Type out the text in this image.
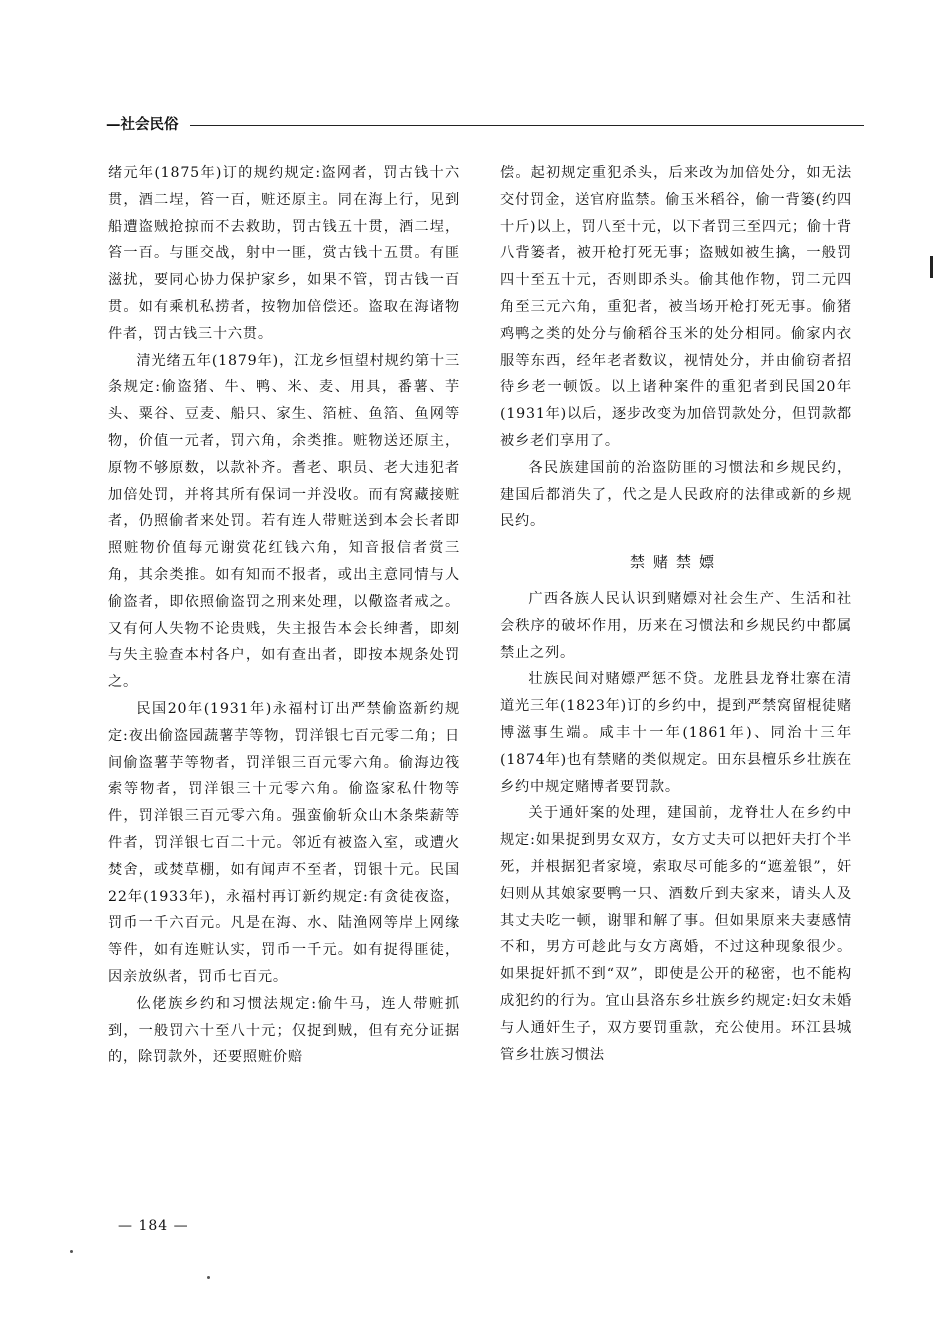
—社会民俗

绪元年(1875年)订的规约规定:盗网者，罚古钱十六贯，酒二埕，笞一百，赃还原主。同在海上行，见到船遭盗贼抢掠而不去救助，罚古钱五十贯，酒二埕，笞一百。与匪交战，射中一匪，赏古钱十五贯。有匪滋扰，要同心协力保护家乡，如果不管，罚古钱一百贯。如有乘机私捞者，按物加倍偿还。盗取在海诸物件者，罚古钱三十六贯。

清光绪五年(1879年)，江龙乡恒望村规约第十三条规定:偷盗猪、牛、鸭、米、麦、用具，番薯、芋头、粟谷、豆麦、船只、家生、箔桩、鱼箔、鱼网等物，价值一元者，罚六角，余类推。赃物送还原主，原物不够原数，以款补齐。耆老、职员、老大违犯者加倍处罚，并将其所有保词一并没收。而有窝藏接赃者，仍照偷者来处罚。若有连人带赃送到本会长者即照赃物价值每元谢赏花红钱六角，知音报信者赏三角，其余类推。如有知而不报者，或出主意同情与人偷盗者，即依照偷盗罚之刑来处理，以儆盗者戒之。又有何人失物不论贵贱，失主报告本会长绅耆，即刻与失主验查本村各户，如有查出者，即按本规条处罚之。

民国20年(1931年)永福村订出严禁偷盗新约规定:夜出偷盗园蔬薯芋等物，罚洋银七百元零二角；日间偷盗薯芋等物者，罚洋银三百元零六角。偷海边筏索等物者，罚洋银三十元零六角。偷盗家私什物等件，罚洋银三百元零六角。强蛮偷斩众山木条柴薪等件者，罚洋银七百二十元。邻近有被盗入室，或遭火焚舍，或焚草棚，如有闻声不至者，罚银十元。民国22年(1933年)，永福村再订新约规定:有贪徒夜盗，罚币一千六百元。凡是在海、水、陆渔网等岸上网缘等件，如有连赃认实，罚币一千元。如有捉得匪徒，因亲放纵者，罚币七百元。

仫佬族乡约和习惯法规定:偷牛马，连人带赃抓到，一般罚六十至八十元；仅捉到贼，但有充分证据的，除罚款外，还要照赃价赔

偿。起初规定重犯杀头，后来改为加倍处分，如无法交付罚金，送官府监禁。偷玉米稻谷，偷一背篓(约四十斤)以上，罚八至十元，以下者罚三至四元；偷十背八背篓者，被开枪打死无事；盗贼如被生擒，一般罚四十至五十元，否则即杀头。偷其他作物，罚二元四角至三元六角，重犯者，被当场开枪打死无事。偷猪鸡鸭之类的处分与偷稻谷玉米的处分相同。偷家内衣服等东西，经年老者数议，视情处分，并由偷窃者招待乡老一顿饭。以上诸种案件的重犯者到民国20年(1931年)以后，逐步改变为加倍罚款处分，但罚款都被乡老们享用了。

各民族建国前的治盗防匪的习惯法和乡规民约，建国后都消失了，代之是人民政府的法律或新的乡规民约。

禁赌禁嫖

广西各族人民认识到赌嫖对社会生产、生活和社会秩序的破坏作用，历来在习惯法和乡规民约中都属禁止之列。

壮族民间对赌嫖严惩不贷。龙胜县龙脊壮寨在清道光三年(1823年)订的乡约中，提到严禁窝留棍徒赌博滋事生端。咸丰十一年(1861年)、同治十三年(1874年)也有禁赌的类似规定。田东县檀乐乡壮族在乡约中规定赌博者要罚款。

关于通奸案的处理，建国前，龙脊壮人在乡约中规定:如果捉到男女双方，女方丈夫可以把奸夫打个半死，并根据犯者家境，索取尽可能多的“遮羞银”，奸妇则从其娘家要鸭一只、酒数斤到夫家来，请头人及其丈夫吃一顿，谢罪和解了事。但如果原来夫妻感情不和，男方可趁此与女方离婚，不过这种现象很少。如果捉奸抓不到“双”，即使是公开的秘密，也不能构成犯约的行为。宜山县洛东乡壮族乡约规定:妇女未婚与人通奸生子，双方要罚重款，充公使用。环江县城管乡壮族习惯法

— 184 —
